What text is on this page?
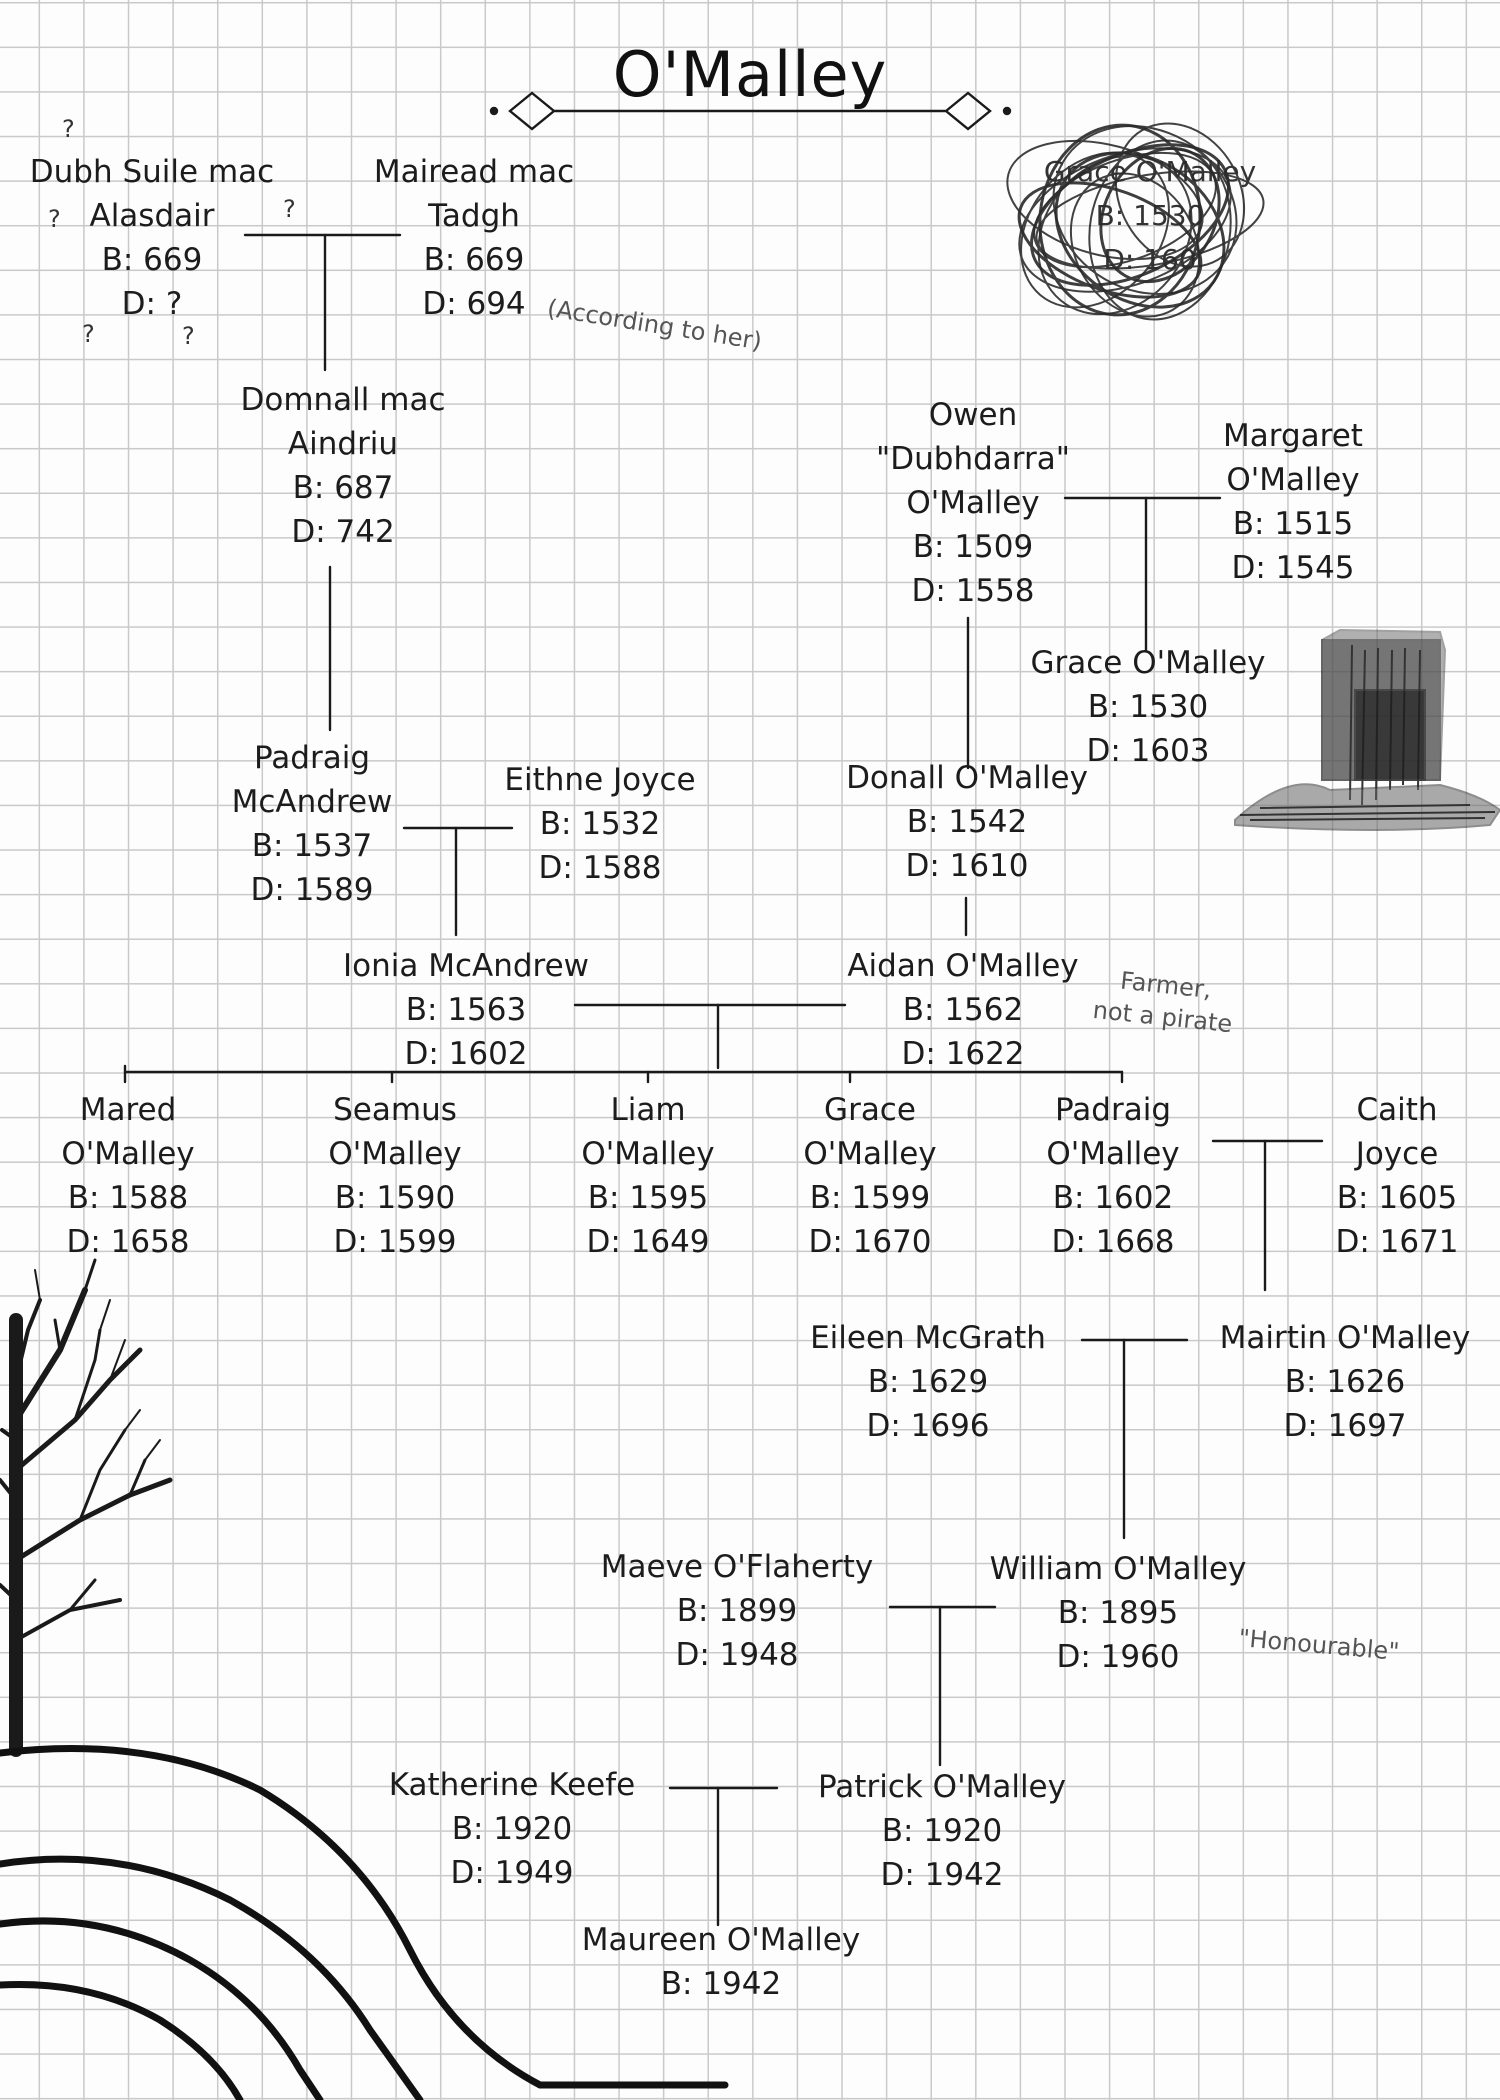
O'Malley
Grace O'Malley
B: 1530
D: 160
?
?	?
?	?
Dubh Suile mac
Alasdair
B: 669
D: ?
Mairead mac
Tadgh
B: 669
D: 694 (According to her)
Domnall mac
Aindriu
B: 687
D: 742
Owen
"Dubhdarra"
O'Malley
B: 1509
D: 1558
Margaret
O'Malley
B: 1515
D: 1545
Grace O'Malley
B: 1530
D: 1603
Padraig
McAndrew
B: 1537
D: 1589
Eithne Joyce
B: 1532
D: 1588
Donall O'Malley
B: 1542
D: 1610
Ionia McAndrew
B: 1563
D: 1602
Aidan O'Malley
B: 1562
D: 1622
Farmer,
not a pirate
Mared
O'Malley
B: 1588
D: 1658
Seamus
O'Malley
B: 1590
D: 1599
Liam
O'Malley
B: 1595
D: 1649
Grace
O'Malley
B: 1599
D: 1670
Padraig
O'Malley
B: 1602
D: 1668
Caith
Joyce
B: 1605
D: 1671
Eileen McGrath
B: 1629
D: 1696
Mairtin O'Malley
B: 1626
D: 1697
Maeve O'Flaherty
B: 1899
D: 1948
William O'Malley
B: 1895
D: 1960	"Honourable"
Katherine Keefe
B: 1920
D: 1949
Patrick O'Malley
B: 1920
D: 1942
Maureen O'Malley
B: 1942
